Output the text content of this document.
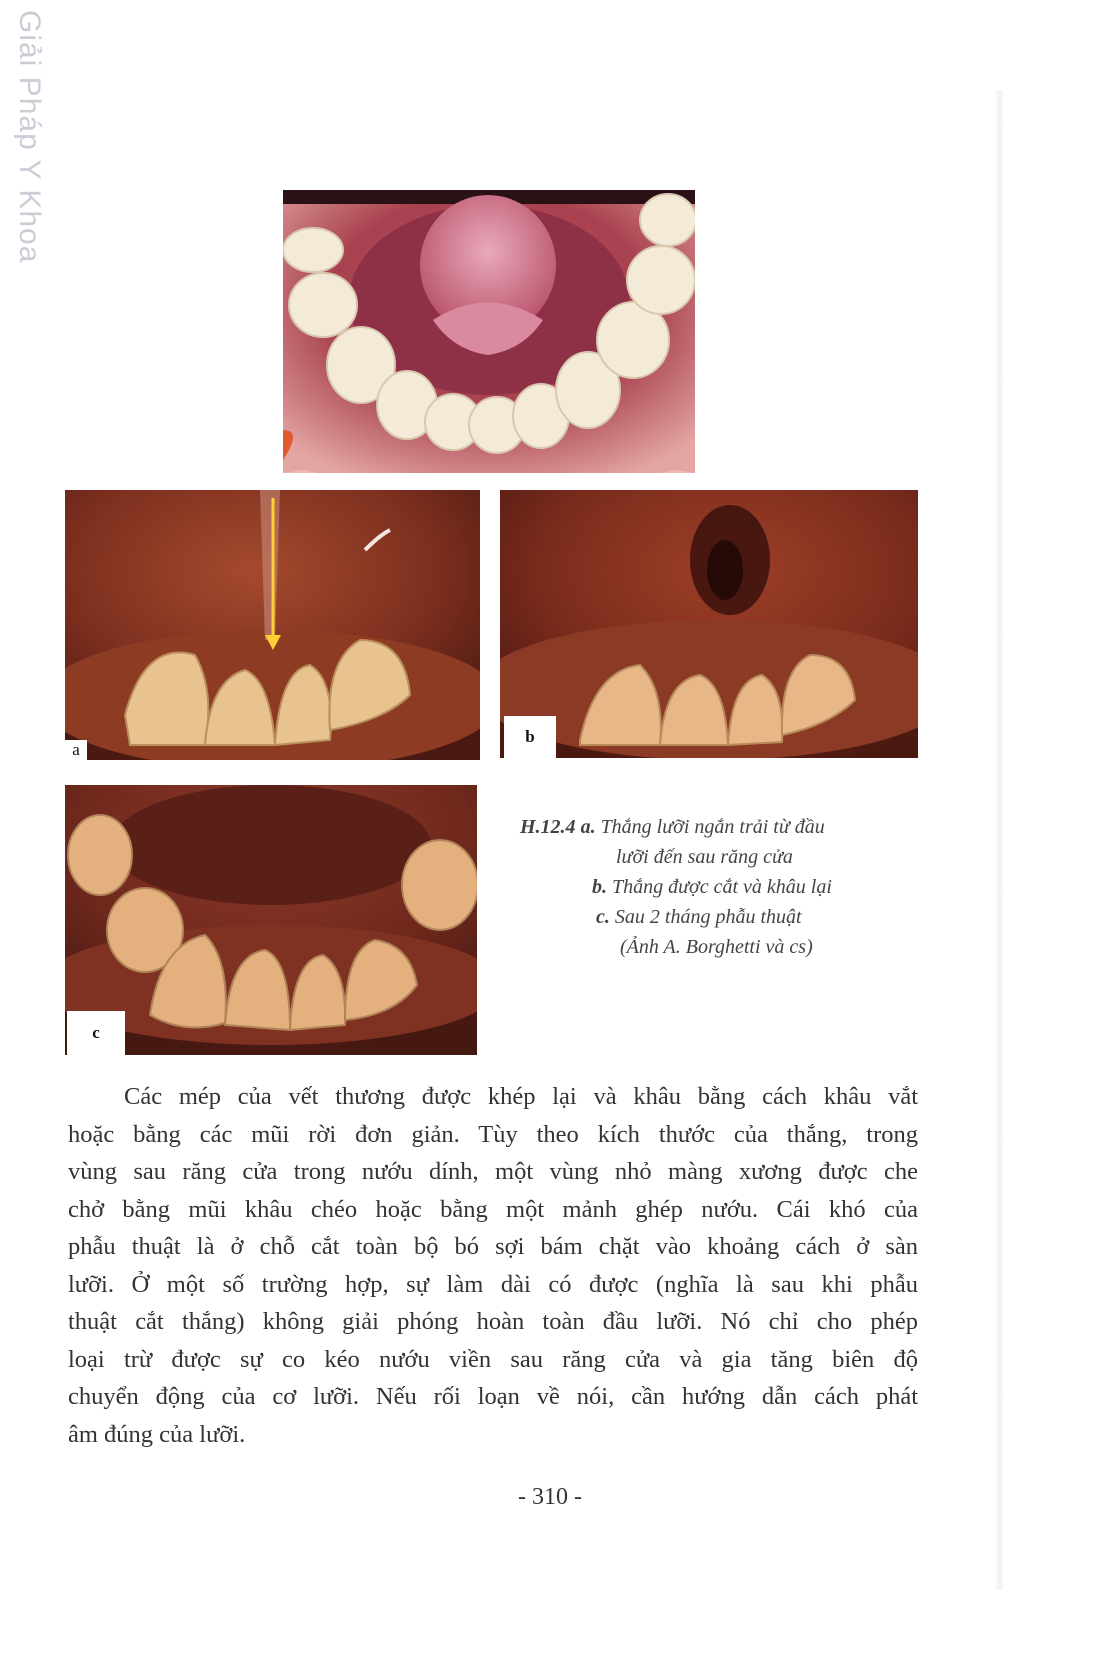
Giải Pháp Y Khoa
a
b
c
H.12.4 a. Thắng lưỡi ngắn trải từ đầu
lưỡi đến sau răng cửa
b. Thắng được cắt và khâu lại
c. Sau 2 tháng phẫu thuật
(Ảnh A. Borghetti và cs)
Các mép của vết thương được khép lại và khâu bằng cách khâu vắt
hoặc bằng các mũi rời đơn giản. Tùy theo kích thước của thắng, trong
vùng sau răng cửa trong nướu dính, một vùng nhỏ màng xương được che
chở bằng mũi khâu chéo hoặc bằng một mảnh ghép nướu. Cái khó của
phẫu thuật là ở chỗ cắt toàn bộ bó sợi bám chặt vào khoảng cách ở sàn
lưỡi. Ở một số trường hợp, sự làm dài có được (nghĩa là sau khi phẫu
thuật cắt thắng) không giải phóng hoàn toàn đầu lưỡi. Nó chỉ cho phép
loại trừ được sự co kéo nướu viền sau răng cửa và gia tăng biên độ
chuyển động của cơ lưỡi. Nếu rối loạn về nói, cần hướng dẫn cách phát
âm đúng của lưỡi.
- 310 -
